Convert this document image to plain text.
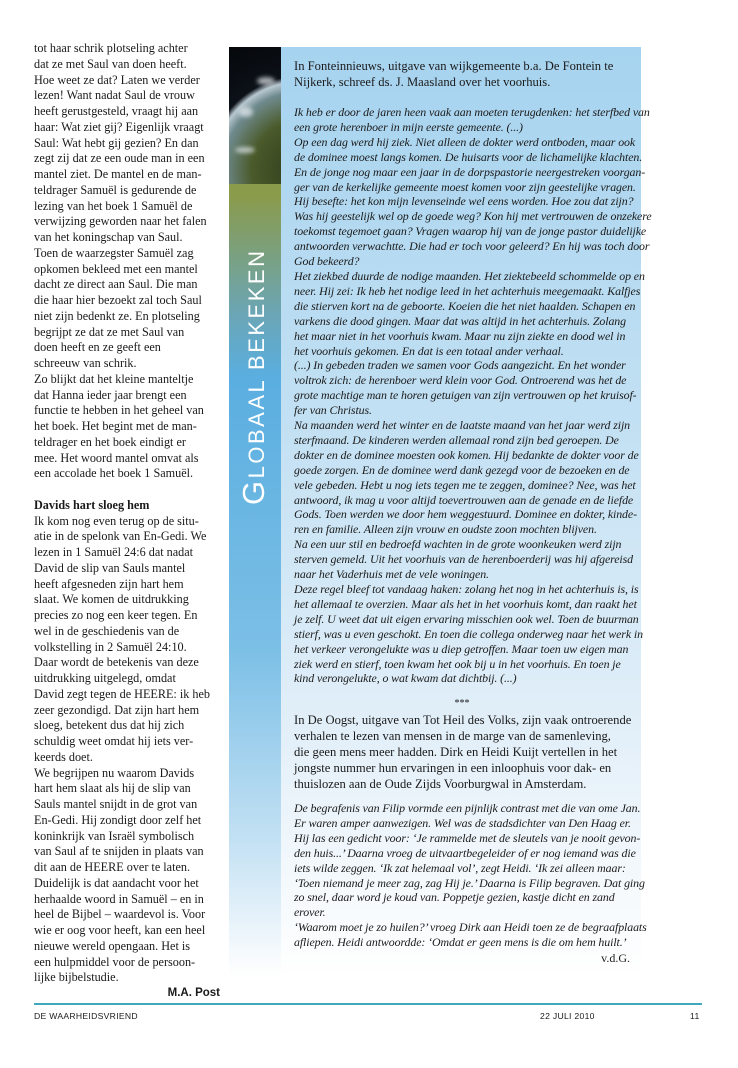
tot haar schrik plotseling achter
dat ze met Saul van doen heeft.
Hoe weet ze dat? Laten we verder
lezen! Want nadat Saul de vrouw
heeft gerustgesteld, vraagt hij aan
haar: Wat ziet gij? Eigenlijk vraagt
Saul: Wat hebt gij gezien? En dan
zegt zij dat ze een oude man in een
mantel ziet. De mantel en de man-
teldrager Samuël is gedurende de
lezing van het boek 1 Samuël de
verwijzing geworden naar het falen
van het koningschap van Saul.
Toen de waarzegster Samuël zag
opkomen bekleed met een mantel
dacht ze direct aan Saul. Die man
die haar hier bezoekt zal toch Saul
niet zijn bedenkt ze. En plotseling
begrijpt ze dat ze met Saul van
doen heeft en ze geeft een
schreeuw van schrik.
Zo blijkt dat het kleine manteltje
dat Hanna ieder jaar brengt een
functie te hebben in het geheel van
het boek. Het begint met de man-
teldrager en het boek eindigt er
mee. Het woord mantel omvat als
een accolade het boek 1 Samuël.
Davids hart sloeg hem
Ik kom nog even terug op de situ-
atie in de spelonk van En-Gedi. We
lezen in 1 Samuël 24:6 dat nadat
David de slip van Sauls mantel
heeft afgesneden zijn hart hem
slaat. We komen de uitdrukking
precies zo nog een keer tegen. En
wel in de geschiedenis van de
volkstelling in 2 Samuël 24:10.
Daar wordt de betekenis van deze
uitdrukking uitgelegd, omdat
David zegt tegen de HEERE: ik heb
zeer gezondigd. Dat zijn hart hem
sloeg, betekent dus dat hij zich
schuldig weet omdat hij iets ver-
keerds doet.
We begrijpen nu waarom Davids
hart hem slaat als hij de slip van
Sauls mantel snijdt in de grot van
En-Gedi. Hij zondigt door zelf het
koninkrijk van Israël symbolisch
van Saul af te snijden in plaats van
dit aan de HEERE over te laten.
Duidelijk is dat aandacht voor het
herhaalde woord in Samuël – en in
heel de Bijbel – waardevol is. Voor
wie er oog voor heeft, kan een heel
nieuwe wereld opengaan. Het is
een hulpmiddel voor de persoon-
lijke bijbelstudie.
M.A. Post
GLOBAAL BEKEKEN
In Fonteinnieuws, uitgave van wijkgemeente b.a. De Fontein te
Nijkerk, schreef ds. J. Maasland over het voorhuis.
Ik heb er door de jaren heen vaak aan moeten terugdenken: het sterfbed van
een grote herenboer in mijn eerste gemeente. (...)
Op een dag werd hij ziek. Niet alleen de dokter werd ontboden, maar ook
de dominee moest langs komen. De huisarts voor de lichamelijke klachten.
En de jonge nog maar een jaar in de dorpspastorie neergestreken voorgan-
ger van de kerkelijke gemeente moest komen voor zijn geestelijke vragen.
Hij besefte: het kon mijn levenseinde wel eens worden. Hoe zou dat zijn?
Was hij geestelijk wel op de goede weg? Kon hij met vertrouwen de onzekere
toekomst tegemoet gaan? Vragen waarop hij van de jonge pastor duidelijke
antwoorden verwachtte. Die had er toch voor geleerd? En hij was toch door
God bekeerd?
Het ziekbed duurde de nodige maanden. Het ziektebeeld schommelde op en
neer. Hij zei: Ik heb het nodige leed in het achterhuis meegemaakt. Kalfjes
die stierven kort na de geboorte. Koeien die het niet haalden. Schapen en
varkens die dood gingen. Maar dat was altijd in het achterhuis. Zolang
het maar niet in het voorhuis kwam. Maar nu zijn ziekte en dood wel in
het voorhuis gekomen. En dat is een totaal ander verhaal.
(...) In gebeden traden we samen voor Gods aangezicht. En het wonder
voltrok zich: de herenboer werd klein voor God. Ontroerend was het de
grote machtige man te horen getuigen van zijn vertrouwen op het kruisof-
fer van Christus.
Na maanden werd het winter en de laatste maand van het jaar werd zijn
sterfmaand. De kinderen werden allemaal rond zijn bed geroepen. De
dokter en de dominee moesten ook komen. Hij bedankte de dokter voor de
goede zorgen. En de dominee werd dank gezegd voor de bezoeken en de
vele gebeden. Hebt u nog iets tegen me te zeggen, dominee? Nee, was het
antwoord, ik mag u voor altijd toevertrouwen aan de genade en de liefde
Gods. Toen werden we door hem weggestuurd. Dominee en dokter, kinde-
ren en familie. Alleen zijn vrouw en oudste zoon mochten blijven.
Na een uur stil en bedroefd wachten in de grote woonkeuken werd zijn
sterven gemeld. Uit het voorhuis van de herenboerderij was hij afgereisd
naar het Vaderhuis met de vele woningen.
Deze regel bleef tot vandaag haken: zolang het nog in het achterhuis is, is
het allemaal te overzien. Maar als het in het voorhuis komt, dan raakt het
je zelf. U weet dat uit eigen ervaring misschien ook wel. Toen de buurman
stierf, was u even geschokt. En toen die collega onderweg naar het werk in
het verkeer verongelukte was u diep getroffen. Maar toen uw eigen man
ziek werd en stierf, toen kwam het ook bij u in het voorhuis. En toen je
kind verongelukte, o wat kwam dat dichtbij. (...)
***
In De Oogst, uitgave van Tot Heil des Volks, zijn vaak ontroerende
verhalen te lezen van mensen in de marge van de samenleving,
die geen mens meer hadden. Dirk en Heidi Kuijt vertellen in het
jongste nummer hun ervaringen in een inloophuis voor dak- en
thuislozen aan de Oude Zijds Voorburgwal in Amsterdam.
De begrafenis van Filip vormde een pijnlijk contrast met die van ome Jan.
Er waren amper aanwezigen. Wel was de stadsdichter van Den Haag er.
Hij las een gedicht voor: ‘Je rammelde met de sleutels van je nooit gevon-
den huis...’ Daarna vroeg de uitvaartbegeleider of er nog iemand was die
iets wilde zeggen. ‘Ik zat helemaal vol’, zegt Heidi. ‘Ik zei alleen maar:
‘Toen niemand je meer zag, zag Hij je.’ Daarna is Filip begraven. Dat ging
zo snel, daar word je koud van. Poppetje gezien, kastje dicht en zand
erover.
‘Waarom moet je zo huilen?’ vroeg Dirk aan Heidi toen ze de begraafplaats
afliepen. Heidi antwoordde: ‘Omdat er geen mens is die om hem huilt.’
v.d.G.
DE WAARHEIDSVRIEND	22 JULI 2010	11
